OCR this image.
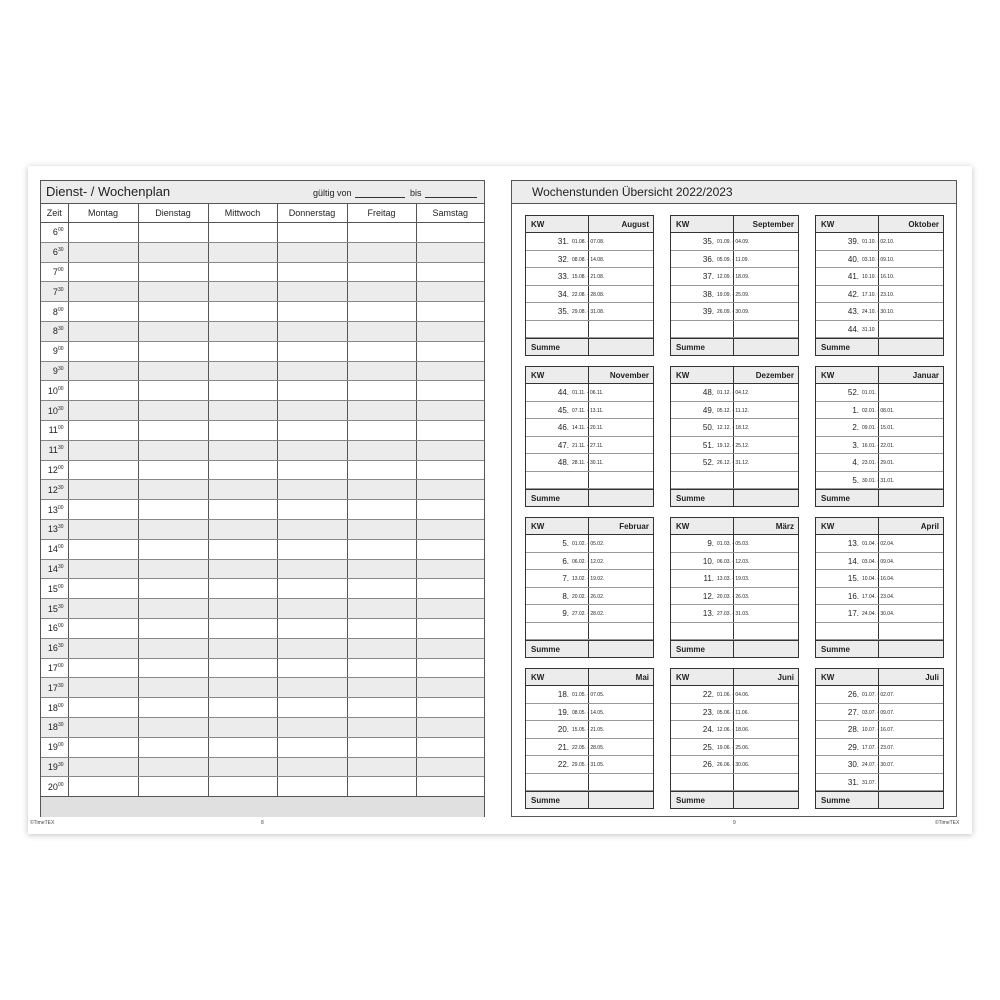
Dienst- / Wochenplan	gültig von	bis
Zeit	Montag	Dienstag	Mittwoch	Donnerstag	Freitag	Samstag
$6^{00}$						
$6^{30}$						
$7^{00}$						
$7^{30}$						
$8^{00}$						
$8^{30}$						
$9^{00}$						
$9^{30}$						
$10^{00}$						
$10^{30}$						
$11^{00}$						
$11^{30}$						
$12^{00}$						
$12^{30}$						
$13^{00}$						
$13^{30}$						
$14^{00}$						
$14^{30}$						
$15^{00}$						
$15^{30}$						
$16^{00}$						
$16^{30}$						
$17^{00}$						
$17^{30}$						
$18^{00}$						
$18^{30}$						
$19^{00}$						
$19^{30}$						
$20^{00}$						
©TimeTEX	8
Wochenstunden Übersicht 2022/2023
KW	August
31. 01.08. - 07.08.
32. 08.08. - 14.08.
33. 15.08. - 21.08.
34. 22.08. - 28.08.
35. 29.08. - 31.08.
Summe
KW	September
35. 01.09. - 04.09.
36. 05.09. - 11.09.
37. 12.09. - 18.09.
38. 19.09. - 25.09.
39. 26.09. - 30.09.
Summe
KW	Oktober
39. 01.10. - 02.10.
40. 03.10. - 09.10.
41. 10.10. - 16.10.
42. 17.10. - 23.10.
43. 24.10. - 30.10.
44. 31.10
Summe
KW	November
44. 01.11. - 06.11.
45. 07.11. - 13.11.
46. 14.11. - 20.11.
47. 21.11. - 27.11.
48. 28.11. - 30.11.
Summe
KW	Dezember
48. 01.12. - 04.12.
49. 05.12. - 11.12.
50. 12.12. - 18.12.
51. 19.12. - 25.12.
52. 26.12. - 31.12.
Summe
KW	Januar
52. 01.01.
1. 02.01. - 08.01.
2. 09.01. - 15.01.
3. 16.01. - 22.01.
4. 23.01. - 29.01.
5. 30.01. - 31.01.
Summe
KW	Februar
5. 01.02. - 05.02.
6. 06.02. - 12.02.
7. 13.02. - 19.02.
8. 20.02. - 26.02.
9. 27.02. - 28.02.
Summe
KW	März
9. 01.03. - 05.03.
10. 06.03. - 12.03.
11. 13.03. - 19.03.
12. 20.03. - 26.03.
13. 27.03. - 31.03.
Summe
KW	April
13. 01.04. - 02.04.
14. 03.04. - 09.04.
15. 10.04. - 16.04.
16. 17.04. - 23.04.
17. 24.04. - 30.04.
Summe
KW	Mai
18. 01.05. - 07.05.
19. 08.05. - 14.05.
20. 15.05. - 21.05.
21. 22.05. - 28.05.
22. 29.05. - 31.05.
Summe
KW	Juni
22. 01.06. - 04.06.
23. 05.06. - 11.06.
24. 12.06. - 18.06.
25. 19.06. - 25.06.
26. 26.06. - 30.06.
Summe
KW	Juli
26. 01.07. - 02.07.
27. 03.07. - 09.07.
28. 10.07. - 16.07.
29. 17.07. - 23.07.
30. 24.07. - 30.07.
31. 31.07.
Summe
9	©TimeTEX
